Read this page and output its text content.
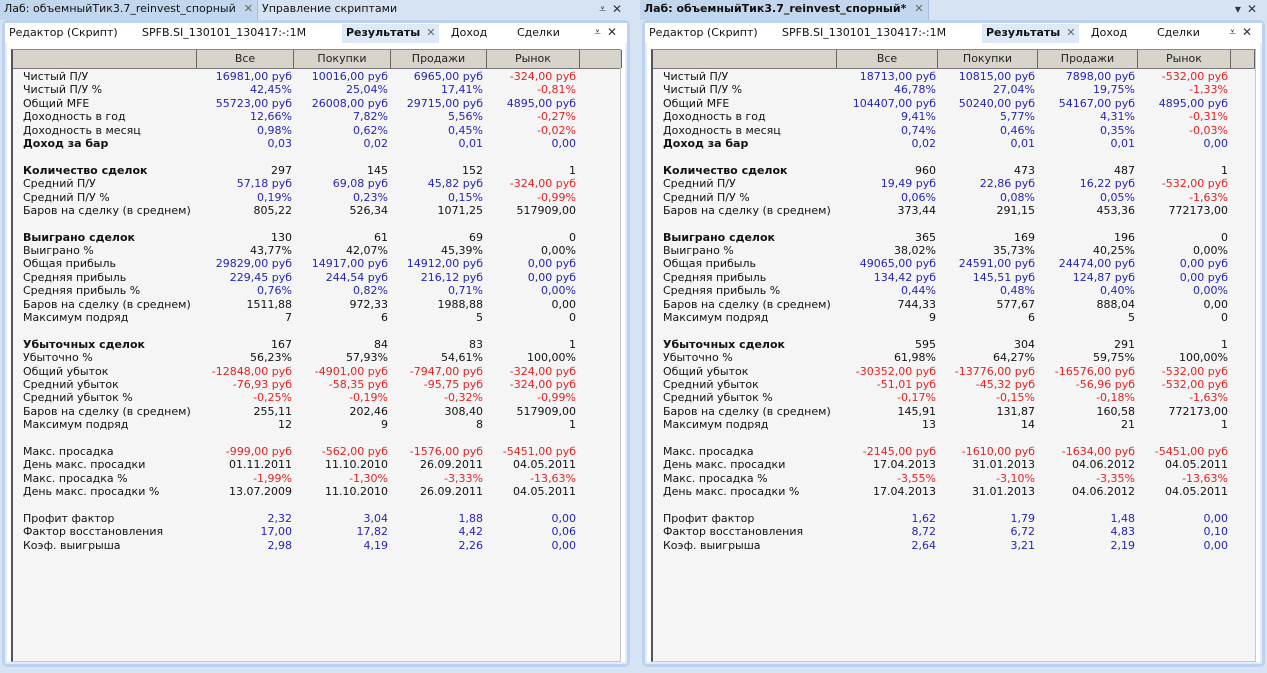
Лаб: объемныйТик3.7_reinvest_спорный ✕ Управление скриптами	⩡✕
Редактор (Скрипт)	SPFB.SI_130101_130417:-:1M	Результаты ✕	Доход	Сделки	⩡✕
Все	Покупки	Продажи	Рынок
Чистый П/У	16981,00 руб 10016,00 руб 6965,00 руб -324,00 руб
Чистый П/У %	42,45%	25,04%	17,41%	-0,81%
Общий MFE	55723,00 руб 26008,00 руб 29715,00 руб 4895,00 руб
Доходность в год	12,66%	7,82%	5,56%	-0,27%
Доходность в месяц	0,98%	0,62%	0,45%	-0,02%
Доход за бар	0,03	0,02	0,01	0,00
Количество сделок	297	145	152	1
Средний П/У	57,18 руб	69,08 руб	45,82 руб -324,00 руб
Средний П/У %	0,19%	0,23%	0,15%	-0,99%
Баров на сделку (в среднем)	805,22	526,34	1071,25	517909,00
Выиграно сделок	130	61	69	0
Выиграно %	43,77%	42,07%	45,39%	0,00%
Общая прибыль	29829,00 руб 14917,00 руб 14912,00 руб	0,00 руб
Средняя прибыль	229,45 руб	244,54 руб	216,12 руб	0,00 руб
Средняя прибыль %	0,76%	0,82%	0,71%	0,00%
Баров на сделку (в среднем)	1511,88	972,33	1988,88	0,00
Максимум подряд	7	6	5	0
Убыточных сделок	167	84	83	1
Убыточно %	56,23%	57,93%	54,61%	100,00%
Общий убыток	-12848,00 руб -4901,00 руб -7947,00 руб -324,00 руб
Средний убыток	-76,93 руб	-58,35 руб	-95,75 руб -324,00 руб
Средний убыток %	-0,25%	-0,19%	-0,32%	-0,99%
Баров на сделку (в среднем)	255,11	202,46	308,40	517909,00
Максимум подряд	12	9	8	1
Макс. просадка	-999,00 руб	-562,00 руб -1576,00 руб -5451,00 руб
День макс. просадки	01.11.2011	11.10.2010	26.09.2011	04.05.2011
Макс. просадка %	-1,99%	-1,30%	-3,33%	-13,63%
День макс. просадки %	13.07.2009	11.10.2010	26.09.2011	04.05.2011
Профит фактор	2,32	3,04	1,88	0,00
Фактор восстановления	17,00	17,82	4,42	0,06
Коэф. выигрыша	2,98	4,19	2,26	0,00
Лаб: объемныйТик3.7_reinvest_спорный* ✕	▾✕
Редактор (Скрипт)	SPFB.SI_130101_130417:-:1M	Результаты ✕	Доход	Сделки	⩡✕
Все	Покупки	Продажи	Рынок
Чистый П/У	18713,00 руб 10815,00 руб	7898,00 руб -532,00 руб
Чистый П/У %	46,78%	27,04%	19,75%	-1,33%
Общий MFE	104407,00 руб 50240,00 руб 54167,00 руб 4895,00 руб
Доходность в год	9,41%	5,77%	4,31%	-0,31%
Доходность в месяц	0,74%	0,46%	0,35%	-0,03%
Доход за бар	0,02	0,01	0,01	0,00
Количество сделок	960	473	487	1
Средний П/У	19,49 руб	22,86 руб	16,22 руб -532,00 руб
Средний П/У %	0,06%	0,08%	0,05%	-1,63%
Баров на сделку (в среднем)	373,44	291,15	453,36	772173,00
Выиграно сделок	365	169	196	0
Выиграно %	38,02%	35,73%	40,25%	0,00%
Общая прибыль	49065,00 руб 24591,00 руб 24474,00 руб	0,00 руб
Средняя прибыль	134,42 руб	145,51 руб	124,87 руб	0,00 руб
Средняя прибыль %	0,44%	0,48%	0,40%	0,00%
Баров на сделку (в среднем)	744,33	577,67	888,04	0,00
Максимум подряд	9	6	5	0
Убыточных сделок	595	304	291	1
Убыточно %	61,98%	64,27%	59,75%	100,00%
Общий убыток	-30352,00 руб -13776,00 руб -16576,00 руб -532,00 руб
Средний убыток	-51,01 руб	-45,32 руб	-56,96 руб -532,00 руб
Средний убыток %	-0,17%	-0,15%	-0,18%	-1,63%
Баров на сделку (в среднем)	145,91	131,87	160,58	772173,00
Максимум подряд	13	14	21	1
Макс. просадка	-2145,00 руб -1610,00 руб -1634,00 руб -5451,00 руб
День макс. просадки	17.04.2013	31.01.2013	04.06.2012	04.05.2011
Макс. просадка %	-3,55%	-3,10%	-3,35%	-13,63%
День макс. просадки %	17.04.2013	31.01.2013	04.06.2012	04.05.2011
Профит фактор	1,62	1,79	1,48	0,00
Фактор восстановления	8,72	6,72	4,83	0,10
Коэф. выигрыша	2,64	3,21	2,19	0,00
